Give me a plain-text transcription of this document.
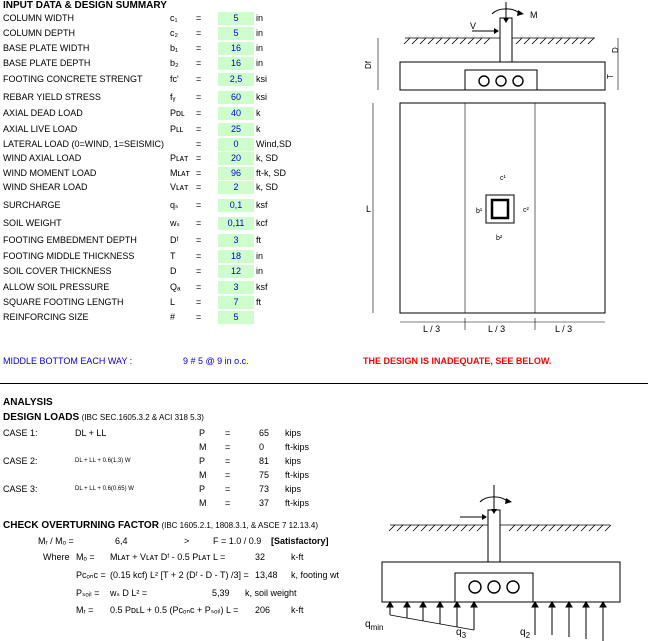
INPUT DATA & DESIGN SUMMARY
COLUMN WIDTH	c₁ =	5	in
COLUMN DEPTH	c₂ =	5	in
BASE PLATE WIDTH	b₁ =	16	in
BASE PLATE DEPTH	b₂ =	16	in
FOOTING CONCRETE STRENGT	fᴄ' =	2,5	ksi
REBAR YIELD STRESS	fᵧ =	60	ksi
AXIAL DEAD LOAD	Pᴅʟ =	40	k
AXIAL LIVE LOAD	Pʟʟ =	25	k
LATERAL LOAD (0=WIND, 1=SEISMIC)	=	0	Wind,SD
WIND AXIAL LOAD	Pʟᴀᴛ =	20	k, SD
WIND MOMENT LOAD	Mʟᴀᴛ =	96	ft-k, SD
WIND SHEAR LOAD	Vʟᴀᴛ =	2	k, SD
SURCHARGE	qₛ =	0,1	ksf
SOIL WEIGHT	wₛ =	0,11	kcf
FOOTING EMBEDMENT DEPTH	Dᶠ =	3	ft
FOOTING MIDDLE THICKNESS	T =	18	in
SOIL COVER THICKNESS	D =	12	in
ALLOW SOIL PRESSURE	Qₐ =	3	ksf
SQUARE FOOTING LENGTH	L =	7	ft
REINFORCING SIZE	# =	5
MIDDLE BOTTOM EACH WAY :	9 # 5 @ 9 in o.c.	THE DESIGN IS INADEQUATE, SEE BELOW.
ANALYSIS
DESIGN LOADS (IBC SEC.1605.3.2 & ACI 318 5.3)
CASE 1:	DL + LL	P =	65 kips
M =	0 ft-kips
CASE 2:	DL + LL + 0.6(1.3) W	P =	81 kips
M =	75 ft-kips
CASE 3:	DL + LL + 0.6(0.65) W	P =	73 kips
M =	37 ft-kips
CHECK OVERTURNING FACTOR (IBC 1605.2.1, 1808.3.1, & ASCE 7 12.13.4)
Mᵣ / Mₒ =	6,4	>	F = 1.0 / 0.9 [Satisfactory]
Where Mₒ = Mʟᴀᴛ + Vʟᴀᴛ Dᶠ - 0.5 Pʟᴀᴛ L =	32	k-ft
Pᴄₒₙᴄ = (0.15 kcf) L² [T + 2 (Dᶠ - D - T) /3] = 13,48 k, footing wt
Pₛₒᵢₗ = wₛ D L² =	5,39 k, soil weight
Mᵣ = 0.5 PᴅʟL + 0.5 (Pᴄₒₙᴄ + Pₛₒᵢₗ) L = 206 k-ft
M
V
Df
D
T
c¹
c²
b¹
b²
L
L / 3	L / 3	L / 3
$q_{min}$	$q_3$	$q_2$
